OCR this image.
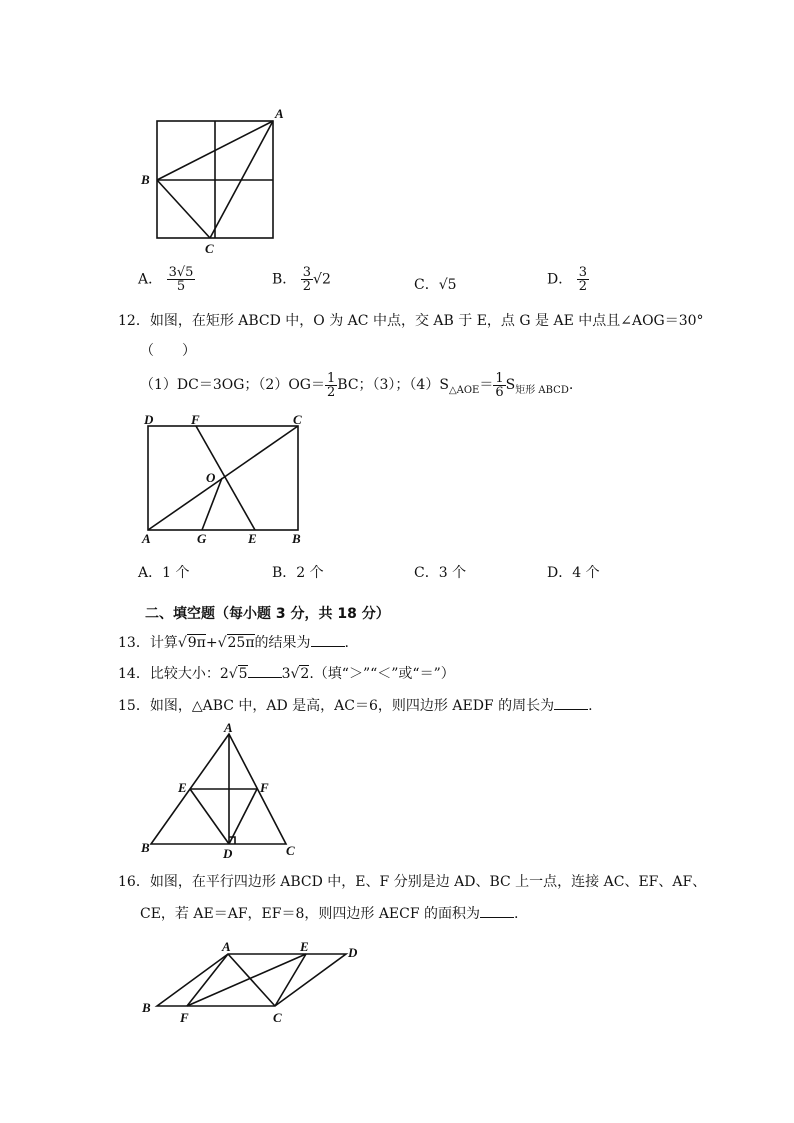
A
B
C
A． $\frac{3√5}{5}$	B． $\frac{3}{2} √2$	C．√5	D． $\frac{3}{2}$
12．如图，在矩形 ABCD 中，O 为 AC 中点，交 AB 于 E，点 G 是 AE 中点且∠AOG＝30°
（　　）
（1）DC＝3OG；$(2)OG= \frac{1}{2}$ BC；（3）；$(4)S_{\triangle AOE}= \frac{1}{6} S_{矩形 ABCD}$.
D	F	C
O
A	G	E	B
A．1 个	B．2 个	C．3 个	D．4 个
二、填空题（每小题 3 分，共 18 分）
13．计算√9π+√25π的结果为 .
14．比较大小：2√5 3√2.（填“＞”“＜”或“＝”）
15．如图，△ABC 中，AD 是高，AC＝6，则四边形 AEDF 的周长为 .
A
E	F
B	D	C
16．如图，在平行四边形 ABCD 中，E、F 分别是边 AD、BC 上一点，连接 AC、EF、AF、
CE，若 AE＝AF，EF＝8，则四边形 AECF 的面积为 .
A	E	D
B
F	C
